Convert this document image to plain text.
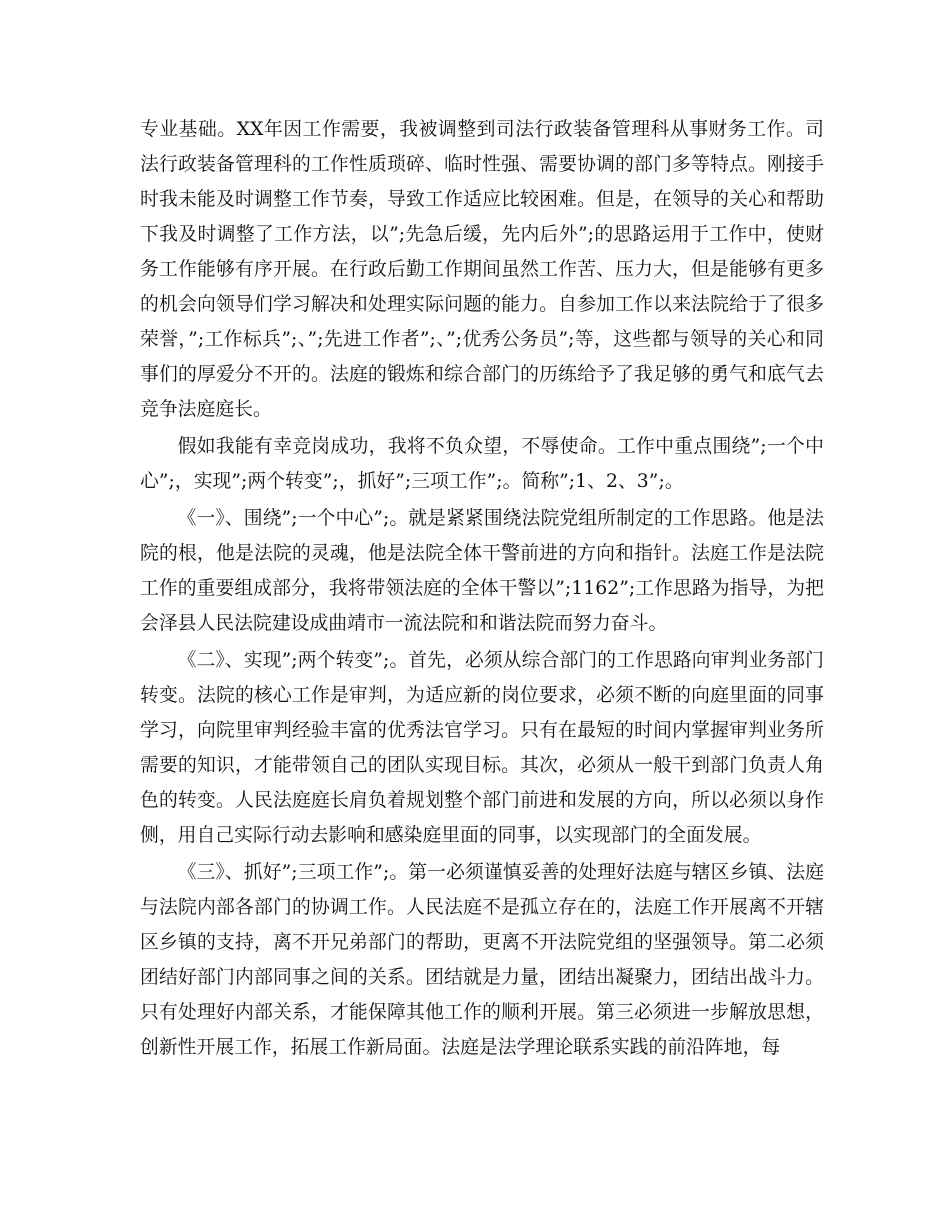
专业基础。XX年因工作需要，我被调整到司法行政装备管理科从事财务工作。司法行政装备管理科的工作性质琐碎、临时性强、需要协调的部门多等特点。刚接手时我未能及时调整工作节奏，导致工作适应比较困难。但是，在领导的关心和帮助下我及时调整了工作方法，以”;先急后缓，先内后外”;的思路运用于工作中，使财务工作能够有序开展。在行政后勤工作期间虽然工作苦、压力大，但是能够有更多的机会向领导们学习解决和处理实际问题的能力。自参加工作以来法院给于了很多荣誉，”;工作标兵”;、”;先进工作者”;、”;优秀公务员”;等，这些都与领导的关心和同事们的厚爱分不开的。法庭的锻炼和综合部门的历练给予了我足够的勇气和底气去竞争法庭庭长。

假如我能有幸竞岗成功，我将不负众望，不辱使命。工作中重点围绕”;一个中心”;，实现”;两个转变”;，抓好”;三项工作”;。简称”;1、2、3”;。

《一》、围绕”;一个中心”;。就是紧紧围绕法院党组所制定的工作思路。他是法院的根，他是法院的灵魂，他是法院全体干警前进的方向和指针。法庭工作是法院工作的重要组成部分，我将带领法庭的全体干警以”;1162”;工作思路为指导，为把会泽县人民法院建设成曲靖市一流法院和和谐法院而努力奋斗。

《二》、实现”;两个转变”;。首先，必须从综合部门的工作思路向审判业务部门转变。法院的核心工作是审判，为适应新的岗位要求，必须不断的向庭里面的同事学习，向院里审判经验丰富的优秀法官学习。只有在最短的时间内掌握审判业务所需要的知识，才能带领自己的团队实现目标。其次，必须从一般干到部门负责人角色的转变。人民法庭庭长肩负着规划整个部门前进和发展的方向，所以必须以身作侧，用自己实际行动去影响和感染庭里面的同事，以实现部门的全面发展。

《三》、抓好”;三项工作”;。第一必须谨慎妥善的处理好法庭与辖区乡镇、法庭与法院内部各部门的协调工作。人民法庭不是孤立存在的，法庭工作开展离不开辖区乡镇的支持，离不开兄弟部门的帮助，更离不开法院党组的坚强领导。第二必须团结好部门内部同事之间的关系。团结就是力量，团结出凝聚力，团结出战斗力。只有处理好内部关系，才能保障其他工作的顺利开展。第三必须进一步解放思想，创新性开展工作，拓展工作新局面。法庭是法学理论联系实践的前沿阵地，每
